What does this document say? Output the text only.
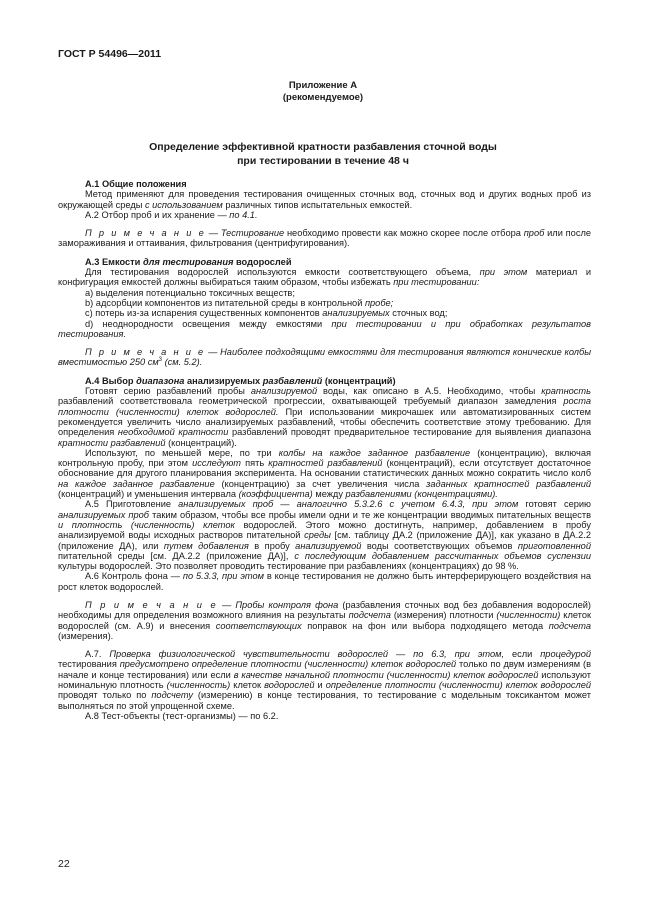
ГОСТ Р 54496—2011
Приложение А
(рекомендуемое)
Определение эффективной кратности разбавления сточной воды
при тестировании в течение 48 ч

А.1 Общие положения

Метод применяют для проведения тестирования очищенных сточных вод, сточных вод и других водных проб из окружающей среды с использованием различных типов испытательных емкостей.

А.2 Отбор проб и их хранение — по 4.1.

П р и м е ч а н и е — Тестирование необходимо провести как можно скорее после отбора проб или после замораживания и оттаивания, фильтрования (центрифугирования).

А.3 Емкости для тестирования водорослей

Для тестирования водорослей используются емкости соответствующего объема, при этом материал и конфигурация емкостей должны выбираться таким образом, чтобы избежать при тестировании:

a) выделения потенциально токсичных веществ;

b) адсорбции компонентов из питательной среды в контрольной пробе;

c) потерь из-за испарения существенных компонентов анализируемых сточных вод;

d) неоднородности освещения между емкостями при тестировании и при обработках результатов тестирования.

П р и м е ч а н и е — Наиболее подходящими емкостями для тестирования являются конические колбы вместимостью 250 $см^3$ (см. 5.2).

А.4 Выбор диапазона анализируемых разбавлений (концентраций)

Готовят серию разбавлений пробы анализируемой воды, как описано в А.5. Необходимо, чтобы кратность разбавлений соответствовала геометрической прогрессии, охватывающей требуемый диапазон замедления роста плотности (численности) клеток водорослей. При использовании микрочашек или автоматизированных систем рекомендуется увеличить число анализируемых разбавлений, чтобы обеспечить соответствие этому требованию. Для определения необходимой кратности разбавлений проводят предварительное тестирование для выявления диапазона кратности разбавлений (концентраций).

Используют, по меньшей мере, по три колбы на каждое заданное разбавление (концентрацию), включая контрольную пробу, при этом исследуют пять кратностей разбавлений (концентраций), если отсутствует достаточное обоснование для другого планирования эксперимента. На основании статистических данных можно сократить число колб на каждое заданное разбавление (концентрацию) за счет увеличения числа заданных кратностей разбавлений (концентраций) и уменьшения интервала (коэффициента) между разбавлениями (концентрациями).

А.5 Приготовление анализируемых проб — аналогично 5.3.2.6 с учетом 6.4.3, при этом готовят серию анализируемых проб таким образом, чтобы все пробы имели одни и те же концентрации вводимых питательных веществ и плотность (численность) клеток водорослей. Этого можно достигнуть, например, добавлением в пробу анализируемой воды исходных растворов питательной среды [см. таблицу ДА.2 (приложение ДА)], как указано в ДА.2.2 (приложение ДА), или путем добавления в пробу анализируемой воды соответствующих объемов приготовленной питательной среды [см. ДА.2.2 (приложение ДА)], с последующим добавлением рассчитанных объемов суспензии культуры водорослей. Это позволяет проводить тестирование при разбавлениях (концентрациях) до 98 %.

А.6 Контроль фона — по 5.3.3, при этом в конце тестирования не должно быть интерферирующего воздействия на рост клеток водорослей.

П р и м е ч а н и е — Пробы контроля фона (разбавления сточных вод без добавления водорослей) необходимы для определения возможного влияния на результаты подсчета (измерения) плотности (численности) клеток водорослей (см. А.9) и внесения соответствующих поправок на фон или выбора подходящего метода подсчета (измерения).

А.7. Проверка физиологической чувствительности водорослей — по 6.3, при этом, если процедурой тестирования предусмотрено определение плотности (численности) клеток водорослей только по двум измерениям (в начале и конце тестирования) или если в качестве начальной плотности (численности) клеток водорослей используют номинальную плотность (численность) клеток водорослей и определение плотности (численности) клеток водорослей проводят только по подсчету (измерению) в конце тестирования, то тестирование с модельным токсикантом может выполняться по этой упрощенной схеме.

А.8 Тест-объекты (тест-организмы) — по 6.2.

22
